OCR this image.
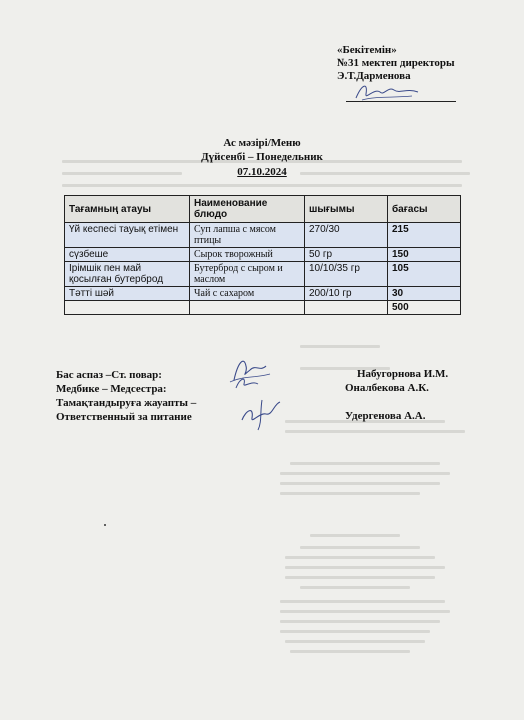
«Бекітемін»
№31 мектеп директоры
Э.Т.Дарменова
Ас мәзірі/Меню
Дүйсенбі – Понедельник
07.10.2024
Тағамның атауы	Наименование блюдо	шығымы	бағасы
Үй кеспесі тауық етімен	Суп лапша с мясом птицы	270/30	215
сүзбеше	Сырок творожный	50 гр	150
Ірімшік пен май қосылған бутерброд	Бутерброд с сыром и маслом	10/10/35 гр	105
Тәтті шәй	Чай с сахаром	200/10 гр	30
			500
Бас аспаз –Ст. повар:
Медбике – Медсестра:
Тамақтандыруға жауапты –
Ответственный за питание
Набугорнова И.М.
Оналбекова А.К.
Удергенова А.А.
